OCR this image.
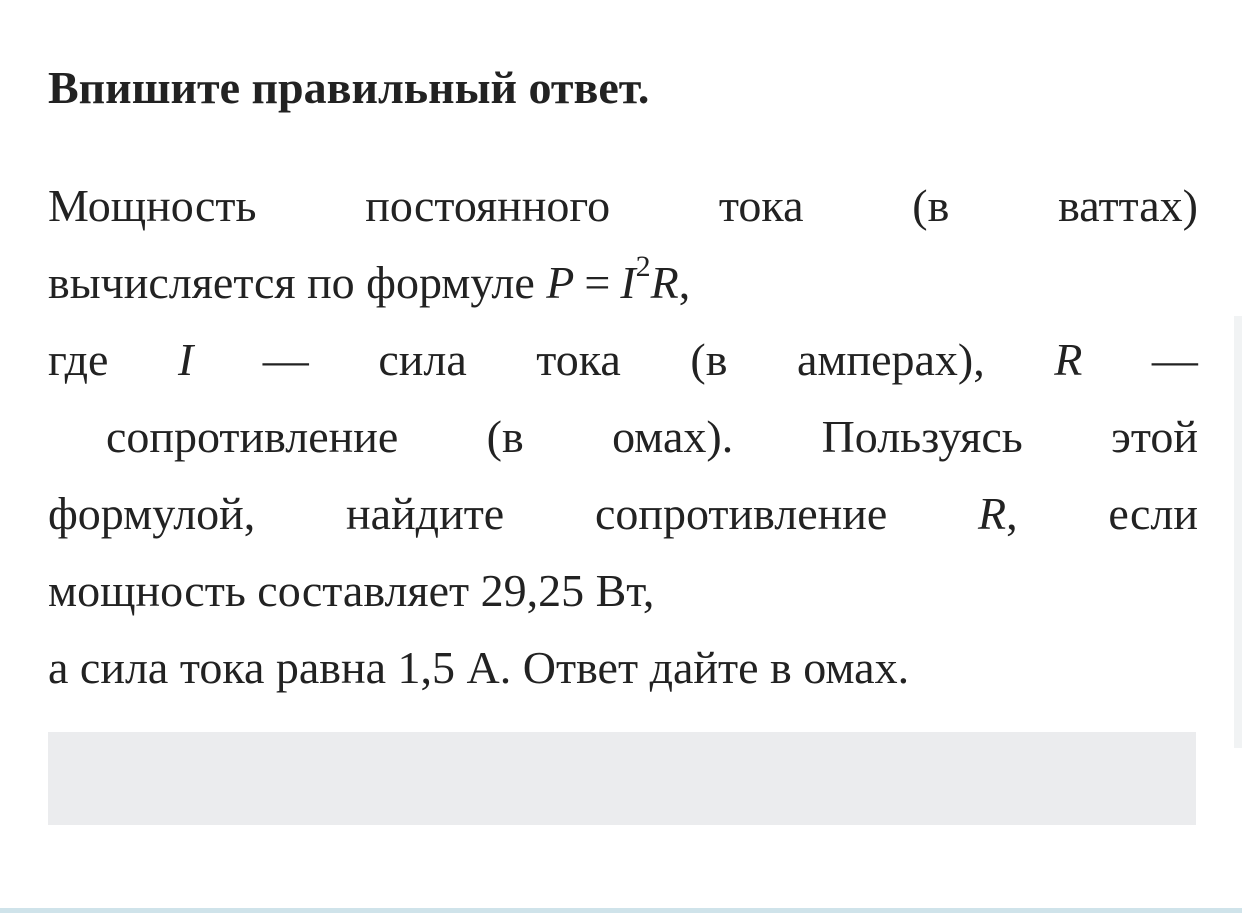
Впишите правильный ответ.
Мощность постоянного тока (в ваттах)
вычисляется по формуле $P = I^2R$,
где I — сила тока (в амперах), R —
сопротивление (в омах). Пользуясь этой
формулой, найдите сопротивление R, если
мощность составляет 29,25 Вт,
а сила тока равна 1,5 А. Ответ дайте в омах.
